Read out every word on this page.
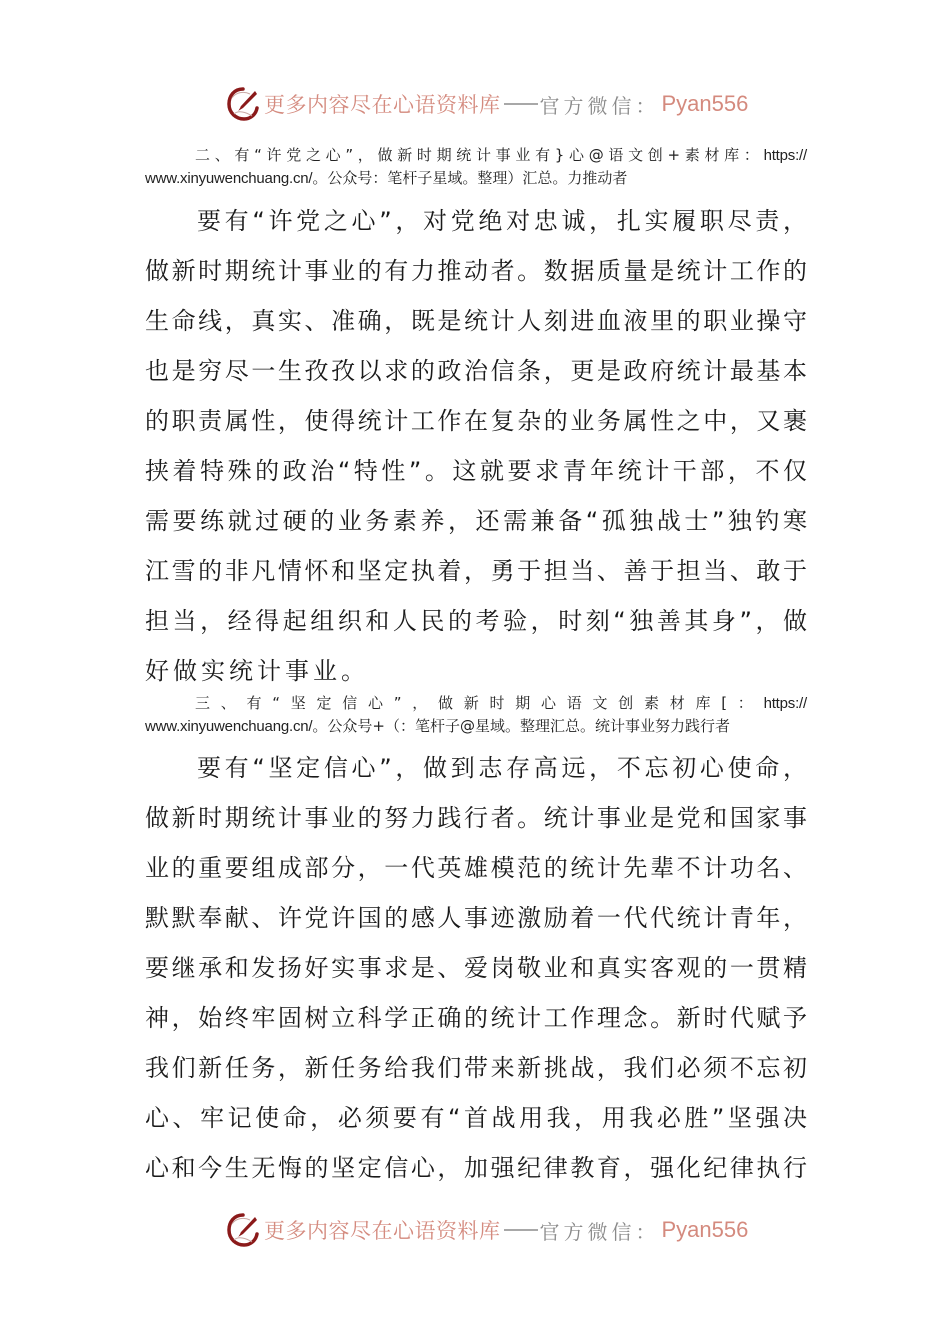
更多内容尽在心语资料库 官方微信： Pyan556
二、有“许党之心”，做新时期统计事业有}心@语文创+素材库：https://
www.xinyuwenchuang.cn/。公众号：笔杆子星域。整理）汇总。力推动者
要有“许党之心”，对党绝对忠诚，扎实履职尽责，
做新时期统计事业的有力推动者。数据质量是统计工作的
生命线，真实、准确，既是统计人刻进血液里的职业操守
也是穷尽一生孜孜以求的政治信条，更是政府统计最基本
的职责属性，使得统计工作在复杂的业务属性之中，又裹
挟着特殊的政治“特性”。这就要求青年统计干部，不仅
需要练就过硬的业务素养，还需兼备“孤独战士”独钓寒
江雪的非凡情怀和坚定执着，勇于担当、善于担当、敢于
担当，经得起组织和人民的考验，时刻“独善其身”，做
好做实统计事业。
三、有“坚定信心”，做新时期心语文创素材库[：https://
www.xinyuwenchuang.cn/。公众号+（：笔杆子@星域。整理汇总。统计事业努力践行者
要有“坚定信心”，做到志存高远，不忘初心使命，
做新时期统计事业的努力践行者。统计事业是党和国家事
业的重要组成部分，一代英雄模范的统计先辈不计功名、
默默奉献、许党许国的感人事迹激励着一代代统计青年，
要继承和发扬好实事求是、爱岗敬业和真实客观的一贯精
神，始终牢固树立科学正确的统计工作理念。新时代赋予
我们新任务，新任务给我们带来新挑战，我们必须不忘初
心、牢记使命，必须要有“首战用我，用我必胜”坚强决
心和今生无悔的坚定信心，加强纪律教育，强化纪律执行
更多内容尽在心语资料库 官方微信： Pyan556
